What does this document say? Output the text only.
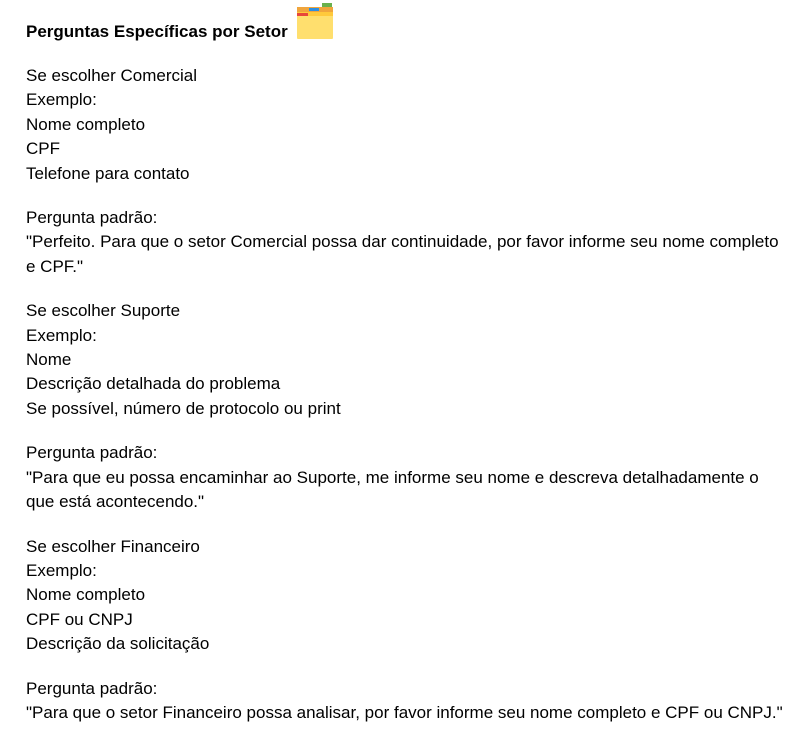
Perguntas Específicas por Setor
Se escolher Comercial
Exemplo:
Nome completo
CPF
Telefone para contato
Pergunta padrão:
"Perfeito. Para que o setor Comercial possa dar continuidade, por favor informe seu nome completo e CPF."
Se escolher Suporte
Exemplo:
Nome
Descrição detalhada do problema
Se possível, número de protocolo ou print
Pergunta padrão:
"Para que eu possa encaminhar ao Suporte, me informe seu nome e descreva detalhadamente o que está acontecendo."
Se escolher Financeiro
Exemplo:
Nome completo
CPF ou CNPJ
Descrição da solicitação
Pergunta padrão:
"Para que o setor Financeiro possa analisar, por favor informe seu nome completo e CPF ou CNPJ."
